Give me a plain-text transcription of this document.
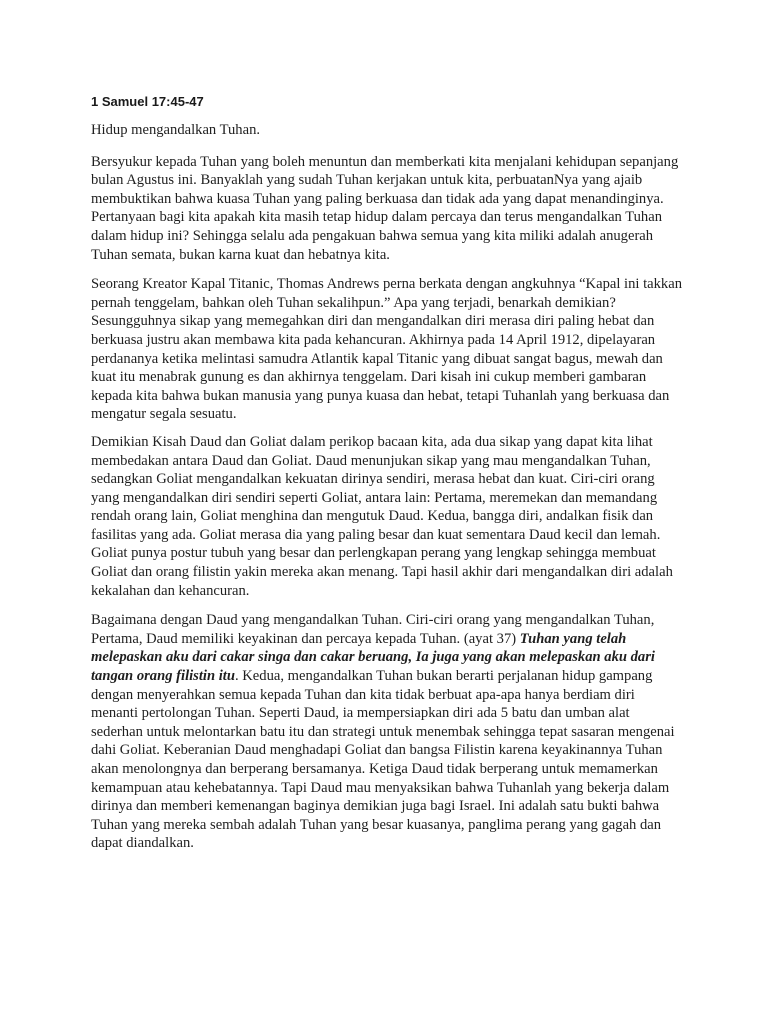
1 Samuel 17:45-47
Hidup mengandalkan Tuhan.

Bersyukur kepada Tuhan yang boleh menuntun dan memberkati kita menjalani kehidupan sepanjang bulan Agustus ini. Banyaklah yang sudah Tuhan kerjakan untuk kita, perbuatanNya yang ajaib membuktikan bahwa kuasa Tuhan yang paling berkuasa dan tidak ada yang dapat menandinginya. Pertanyaan bagi kita apakah kita masih tetap hidup dalam percaya dan terus mengandalkan Tuhan dalam hidup ini? Sehingga selalu ada pengakuan bahwa semua yang kita miliki adalah anugerah Tuhan semata, bukan karna kuat dan hebatnya kita.

Seorang Kreator Kapal Titanic, Thomas Andrews perna berkata dengan angkuhnya “Kapal ini takkan pernah tenggelam, bahkan oleh Tuhan sekalihpun.” Apa yang terjadi, benarkah demikian? Sesungguhnya sikap yang memegahkan diri dan mengandalkan diri merasa diri paling hebat dan berkuasa justru akan membawa kita pada kehancuran. Akhirnya pada 14 April 1912, dipelayaran perdananya ketika melintasi samudra Atlantik kapal Titanic yang dibuat sangat bagus, mewah dan kuat itu menabrak gunung es dan akhirnya tenggelam. Dari kisah ini cukup memberi gambaran kepada kita bahwa bukan manusia yang punya kuasa dan hebat, tetapi Tuhanlah yang berkuasa dan mengatur segala sesuatu.

Demikian Kisah Daud dan Goliat dalam perikop bacaan kita, ada dua sikap yang dapat kita lihat membedakan antara Daud dan Goliat. Daud menunjukan sikap yang mau mengandalkan Tuhan, sedangkan Goliat mengandalkan kekuatan dirinya sendiri, merasa hebat dan kuat. Ciri-ciri orang yang mengandalkan diri sendiri seperti Goliat, antara lain: Pertama, meremekan dan memandang rendah orang lain, Goliat menghina dan mengutuk Daud. Kedua, bangga diri, andalkan fisik dan fasilitas yang ada. Goliat merasa dia yang paling besar dan kuat sementara Daud kecil dan lemah. Goliat punya postur tubuh yang besar dan perlengkapan perang yang lengkap sehingga membuat Goliat dan orang filistin yakin mereka akan menang. Tapi hasil akhir dari mengandalkan diri adalah kekalahan dan kehancuran.

Bagaimana dengan Daud yang mengandalkan Tuhan. Ciri-ciri orang yang mengandalkan Tuhan, Pertama, Daud memiliki keyakinan dan percaya kepada Tuhan. (ayat 37) Tuhan yang telah melepaskan aku dari cakar singa dan cakar beruang, Ia juga yang akan melepaskan aku dari tangan orang filistin itu. Kedua, mengandalkan Tuhan bukan berarti perjalanan hidup gampang dengan menyerahkan semua kepada Tuhan dan kita tidak berbuat apa-apa hanya berdiam diri menanti pertolongan Tuhan. Seperti Daud, ia mempersiapkan diri ada 5 batu dan umban alat sederhan untuk melontarkan batu itu dan strategi untuk menembak sehingga tepat sasaran mengenai dahi Goliat. Keberanian Daud menghadapi Goliat dan bangsa Filistin karena keyakinannya Tuhan akan menolongnya dan berperang bersamanya. Ketiga Daud tidak berperang untuk memamerkan kemampuan atau kehebatannya. Tapi Daud mau menyaksikan bahwa Tuhanlah yang bekerja dalam dirinya dan memberi kemenangan baginya demikian juga bagi Israel. Ini adalah satu bukti bahwa Tuhan yang mereka sembah adalah Tuhan yang besar kuasanya, panglima perang yang gagah dan dapat diandalkan.
